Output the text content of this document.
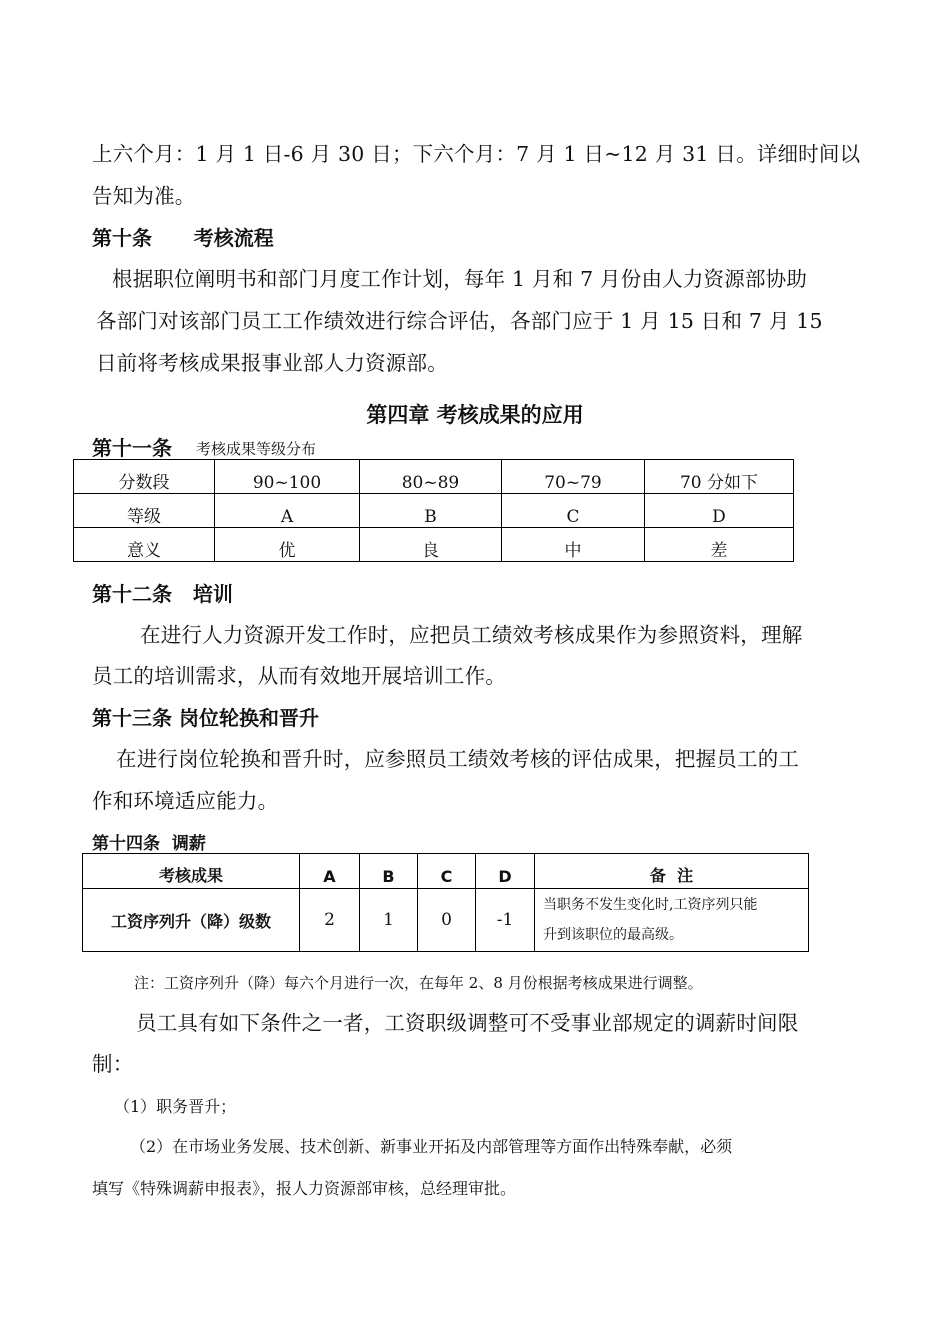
上六个月：1 月 1 日-6 月 30 日；下六个月：7 月 1 日~12 月 31 日。详细时间以
告知为准。
第十条      考核流程
根据职位阐明书和部门月度工作计划，每年 1 月和 7 月份由人力资源部协助
各部门对该部门员工工作绩效进行综合评估，各部门应于 1 月 15 日和 7 月 15
日前将考核成果报事业部人力资源部。
第四章 考核成果的应用
第十一条 考核成果等级分布
分数段	90~100	80~89	70~79	70 分如下
等级	A	B	C	D
意义	优	良	中	差
第十二条   培训
在进行人力资源开发工作时，应把员工绩效考核成果作为参照资料，理解
员工的培训需求，从而有效地开展培训工作。
第十三条 岗位轮换和晋升
在进行岗位轮换和晋升时，应参照员工绩效考核的评估成果，把握员工的工
作和环境适应能力。
第十四条  调薪
考核成果	A	B	C	D	备  注
工资序列升（降）级数	2	1	0	-1	当职务不发生变化时,工资序列只能
升到该职位的最高级。
注：工资序列升（降）每六个月进行一次，在每年 2、8 月份根据考核成果进行调整。
员工具有如下条件之一者，工资职级调整可不受事业部规定的调薪时间限
制：
（1）职务晋升；
（2）在市场业务发展、技术创新、新事业开拓及内部管理等方面作出特殊奉献，必须
填写《特殊调薪申报表》，报人力资源部审核，总经理审批。
